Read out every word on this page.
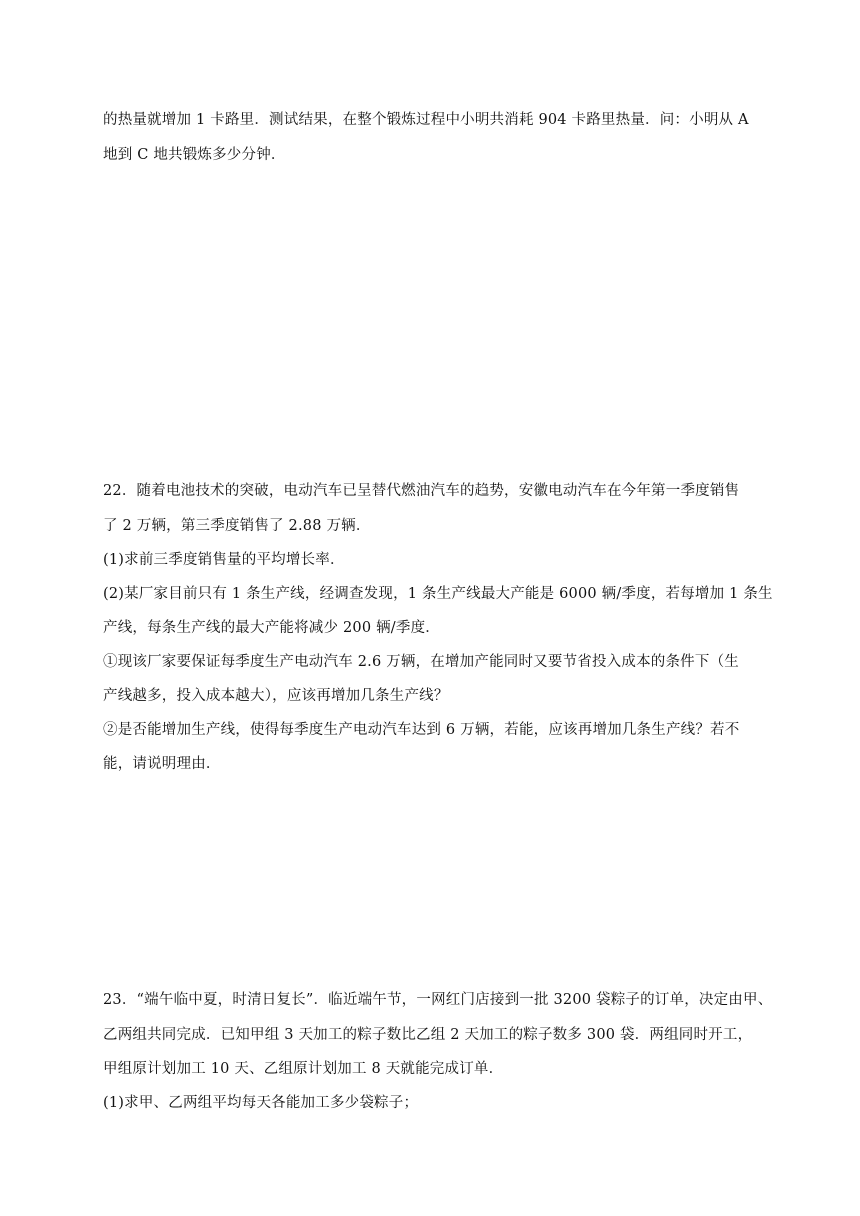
的热量就增加 1 卡路里．测试结果，在整个锻炼过程中小明共消耗 904 卡路里热量．问：小明从 A
地到 C 地共锻炼多少分钟．
22．随着电池技术的突破，电动汽车已呈替代燃油汽车的趋势，安徽电动汽车在今年第一季度销售
了 2 万辆，第三季度销售了 2.88 万辆．
(1)求前三季度销售量的平均增长率．
(2)某厂家目前只有 1 条生产线，经调查发现，1 条生产线最大产能是 6000 辆/季度，若每增加 1 条生
产线，每条生产线的最大产能将减少 200 辆/季度．
①现该厂家要保证每季度生产电动汽车 2.6 万辆，在增加产能同时又要节省投入成本的条件下（生
产线越多，投入成本越大），应该再增加几条生产线？
②是否能增加生产线，使得每季度生产电动汽车达到 6 万辆，若能，应该再增加几条生产线？若不
能，请说明理由．
23．“端午临中夏，时清日复长”．临近端午节，一网红门店接到一批 3200 袋粽子的订单，决定由甲、
乙两组共同完成．已知甲组 3 天加工的粽子数比乙组 2 天加工的粽子数多 300 袋．两组同时开工，
甲组原计划加工 10 天、乙组原计划加工 8 天就能完成订单．
(1)求甲、乙两组平均每天各能加工多少袋粽子；
